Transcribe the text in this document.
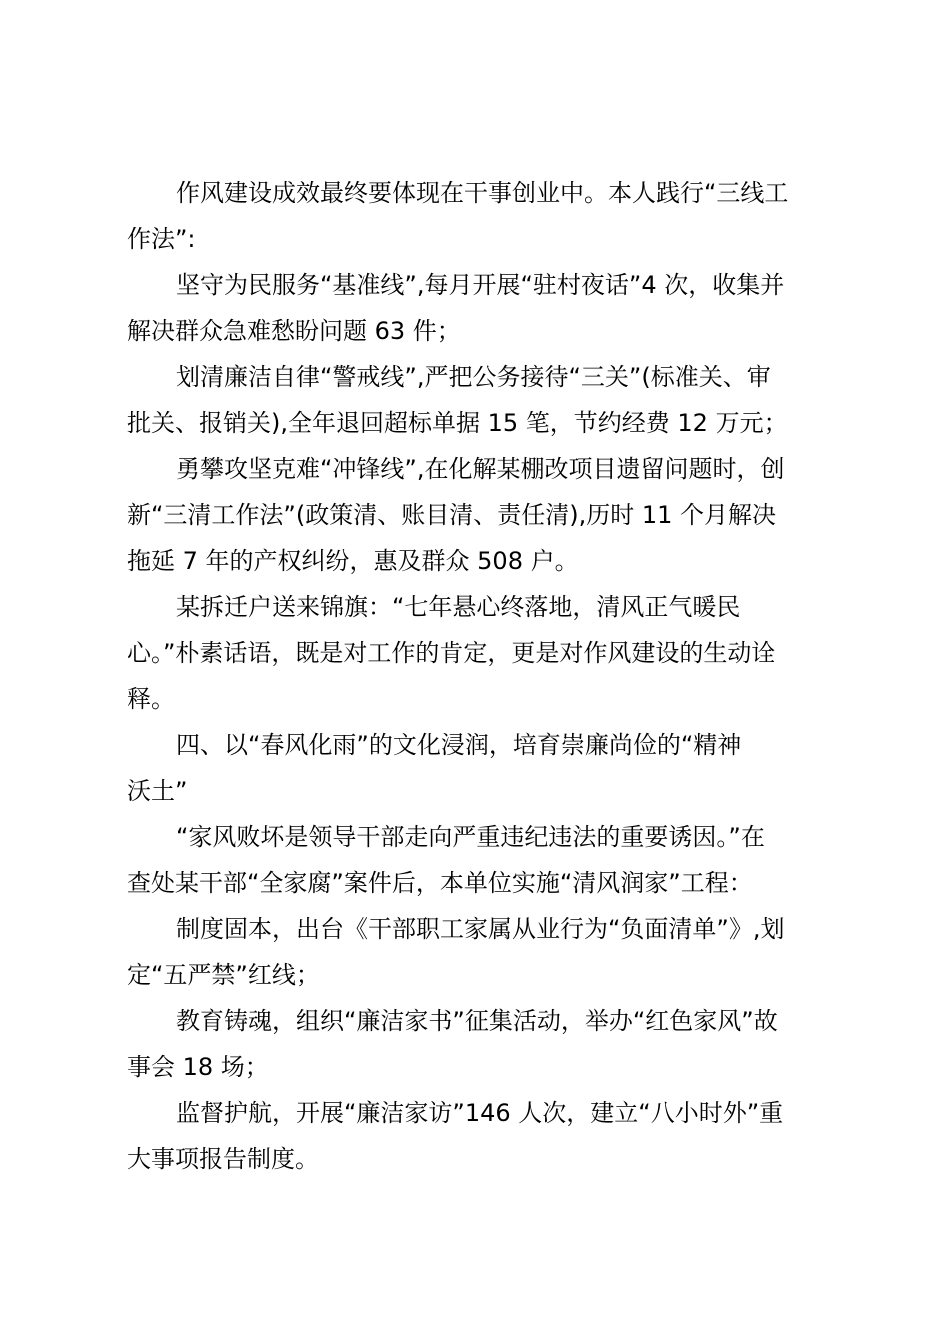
作风建设成效最终要体现在干事创业中。本人践行“三线工
作法”:

坚守为民服务“基准线”,每月开展“驻村夜话”4 次，收集并
解决群众急难愁盼问题 63 件；

划清廉洁自律“警戒线”,严把公务接待“三关”(标准关、审
批关、报销关),全年退回超标单据 15 笔，节约经费 12 万元；

勇攀攻坚克难“冲锋线”,在化解某棚改项目遗留问题时，创
新“三清工作法”(政策清、账目清、责任清),历时 11 个月解决
拖延 7 年的产权纠纷，惠及群众 508 户。

某拆迁户送来锦旗：“七年悬心终落地，清风正气暖民
心。”朴素话语，既是对工作的肯定，更是对作风建设的生动诠
释。

四、以“春风化雨”的文化浸润，培育崇廉尚俭的“精神
沃土”

“家风败坏是领导干部走向严重违纪违法的重要诱因。”在
查处某干部“全家腐”案件后，本单位实施“清风润家”工程：

制度固本，出台《干部职工家属从业行为“负面清单”》,划
定“五严禁”红线；

教育铸魂，组织“廉洁家书”征集活动，举办“红色家风”故
事会 18 场；

监督护航，开展“廉洁家访”146 人次，建立“八小时外”重
大事项报告制度。
